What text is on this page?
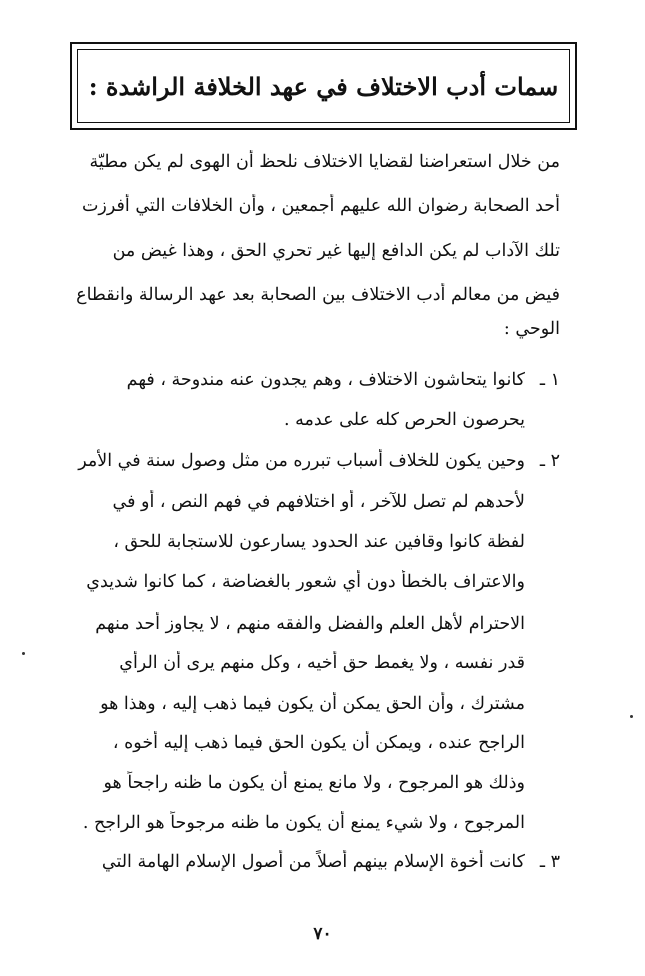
سمات أدب الاختلاف في عهد الخلافة الراشدة :
من خلال استعراضنا لقضايا الاختلاف نلحظ أن الهوى لم يكن مطيّة
أحد الصحابة رضوان الله عليهم أجمعين ، وأن الخلافات التي أفرزت
تلك الآداب لم يكن الدافع إليها غير تحري الحق ، وهذا غيض من
فيض من معالم أدب الاختلاف بين الصحابة بعد عهد الرسالة وانقطاع
الوحي :
١ ـ
كانوا يتحاشون الاختلاف ، وهم يجدون عنه مندوحة ، فهم
يحرصون الحرص كله على عدمه .
٢ ـ
وحين يكون للخلاف أسباب تبرره من مثل وصول سنة في الأمر
لأحدهم لم تصل للآخر ، أو اختلافهم في فهم النص ، أو في
لفظة كانوا وقافين عند الحدود يسارعون للاستجابة للحق ،
والاعتراف بالخطأ دون أي شعور بالغضاضة ، كما كانوا شديدي
الاحترام لأهل العلم والفضل والفقه منهم ، لا يجاوز أحد منهم
قدر نفسه ، ولا يغمط حق أخيه ، وكل منهم يرى أن الرأي
مشترك ، وأن الحق يمكن أن يكون فيما ذهب إليه ، وهذا هو
الراجح عنده ، ويمكن أن يكون الحق فيما ذهب إليه أخوه ،
وذلك هو المرجوح ، ولا مانع يمنع أن يكون ما ظنه راجحاً هو
المرجوح ، ولا شيء يمنع أن يكون ما ظنه مرجوحاً هو الراجح .
٣ ـ
كانت أخوة الإسلام بينهم أصلاً من أصول الإسلام الهامة التي
٧٠
